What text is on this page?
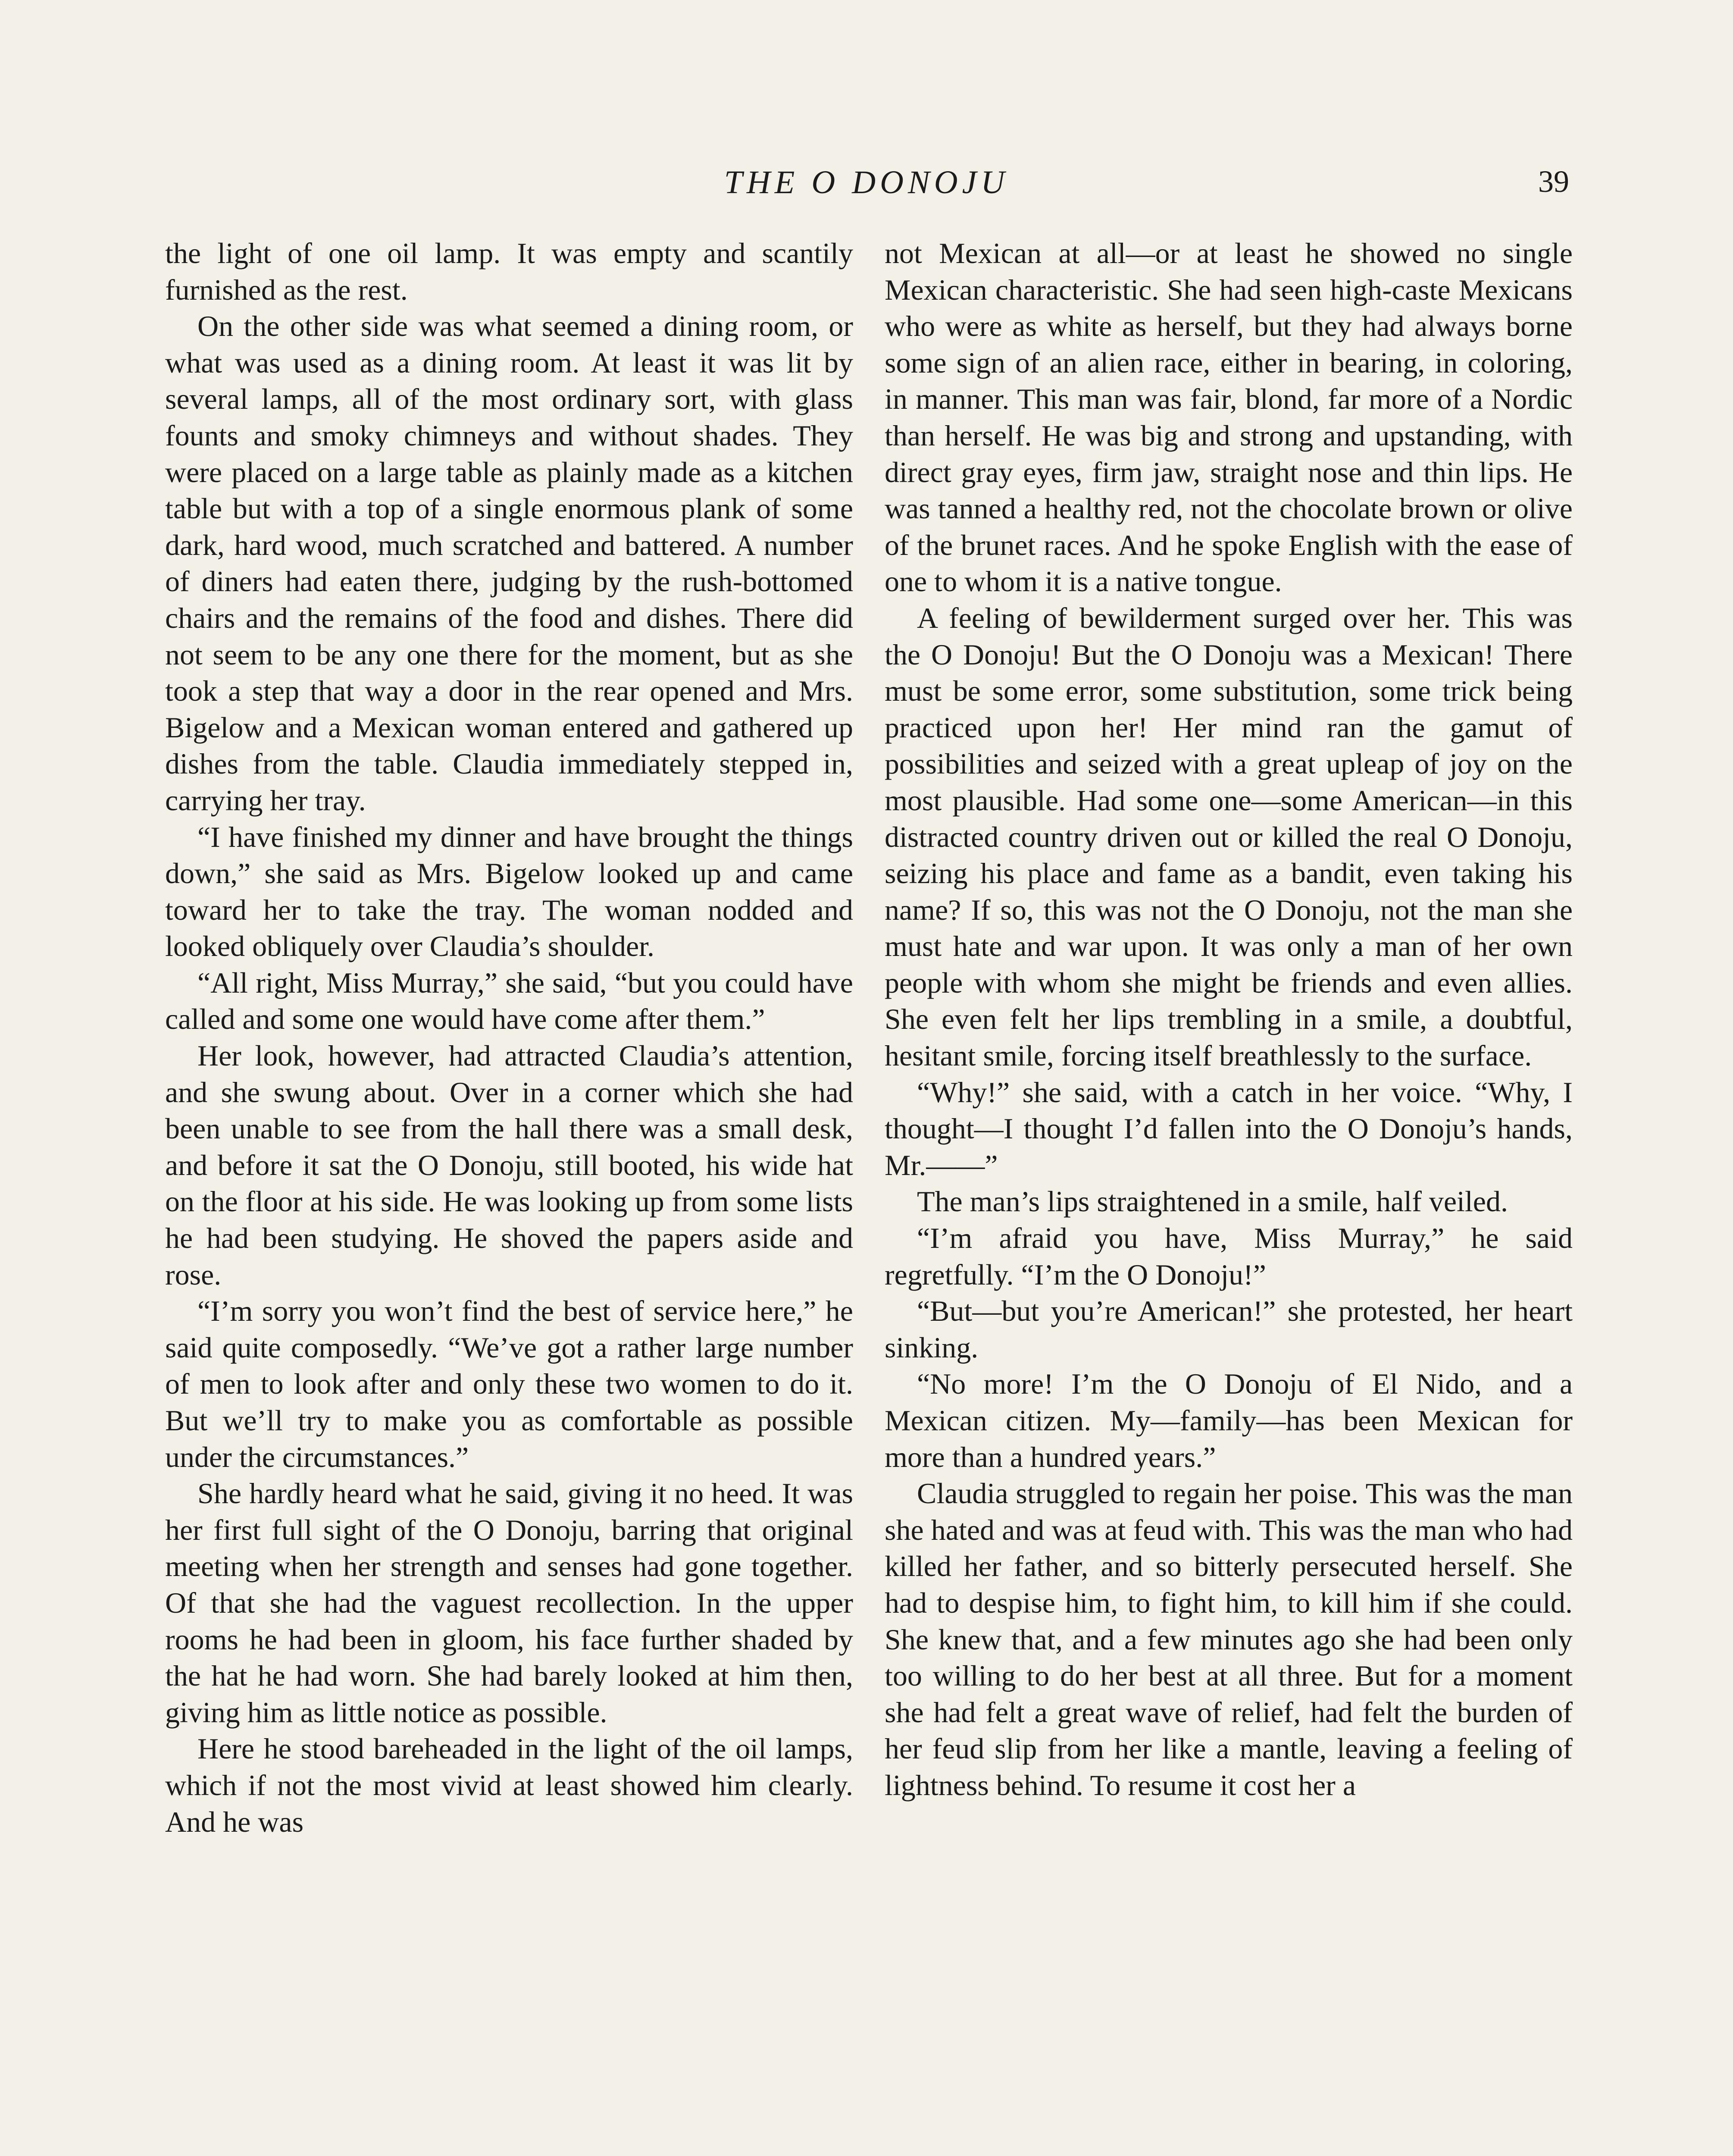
THE O DONOJU	39

the light of one oil lamp. It was empty and scantily furnished as the rest.

On the other side was what seemed a dining room, or what was used as a dining room. At least it was lit by several lamps, all of the most ordinary sort, with glass founts and smoky chimneys and without shades. They were placed on a large table as plainly made as a kitchen table but with a top of a single enormous plank of some dark, hard wood, much scratched and battered. A number of diners had eaten there, judging by the rush-bottomed chairs and the remains of the food and dishes. There did not seem to be any one there for the moment, but as she took a step that way a door in the rear opened and Mrs. Bigelow and a Mexican woman entered and gathered up dishes from the table. Claudia immediately stepped in, carrying her tray.

“I have finished my dinner and have brought the things down,” she said as Mrs. Bigelow looked up and came toward her to take the tray. The woman nodded and looked obliquely over Claudia’s shoulder.

“All right, Miss Murray,” she said, “but you could have called and some one would have come after them.”

Her look, however, had attracted Claudia’s attention, and she swung about. Over in a corner which she had been unable to see from the hall there was a small desk, and before it sat the O Donoju, still booted, his wide hat on the floor at his side. He was looking up from some lists he had been studying. He shoved the papers aside and rose.

“I’m sorry you won’t find the best of service here,” he said quite composedly. “We’ve got a rather large number of men to look after and only these two women to do it. But we’ll try to make you as comfortable as possible under the circumstances.”

She hardly heard what he said, giving it no heed. It was her first full sight of the O Donoju, barring that original meeting when her strength and senses had gone together. Of that she had the vaguest recollection. In the upper rooms he had been in gloom, his face further shaded by the hat he had worn. She had barely looked at him then, giving him as little notice as possible.

Here he stood bareheaded in the light of the oil lamps, which if not the most vivid at least showed him clearly. And he was

not Mexican at all—or at least he showed no single Mexican characteristic. She had seen high-caste Mexicans who were as white as herself, but they had always borne some sign of an alien race, either in bearing, in coloring, in manner. This man was fair, blond, far more of a Nordic than herself. He was big and strong and upstanding, with direct gray eyes, firm jaw, straight nose and thin lips. He was tanned a healthy red, not the chocolate brown or olive of the brunet races. And he spoke English with the ease of one to whom it is a native tongue.

A feeling of bewilderment surged over her. This was the O Donoju! But the O Donoju was a Mexican! There must be some error, some substitution, some trick being practiced upon her! Her mind ran the gamut of possibilities and seized with a great upleap of joy on the most plausible. Had some one—some American—in this distracted country driven out or killed the real O Donoju, seizing his place and fame as a bandit, even taking his name? If so, this was not the O Donoju, not the man she must hate and war upon. It was only a man of her own people with whom she might be friends and even allies. She even felt her lips trembling in a smile, a doubtful, hesitant smile, forcing itself breathlessly to the surface.

“Why!” she said, with a catch in her voice. “Why, I thought—I thought I’d fallen into the O Donoju’s hands, Mr.——”

The man’s lips straightened in a smile, half veiled.

“I’m afraid you have, Miss Murray,” he said regretfully. “I’m the O Donoju!”

“But—but you’re American!” she protested, her heart sinking.

“No more! I’m the O Donoju of El Nido, and a Mexican citizen. My—family—has been Mexican for more than a hundred years.”

Claudia struggled to regain her poise. This was the man she hated and was at feud with. This was the man who had killed her father, and so bitterly persecuted herself. She had to despise him, to fight him, to kill him if she could. She knew that, and a few minutes ago she had been only too willing to do her best at all three. But for a moment she had felt a great wave of relief, had felt the burden of her feud slip from her like a mantle, leaving a feeling of lightness behind. To resume it cost her a
